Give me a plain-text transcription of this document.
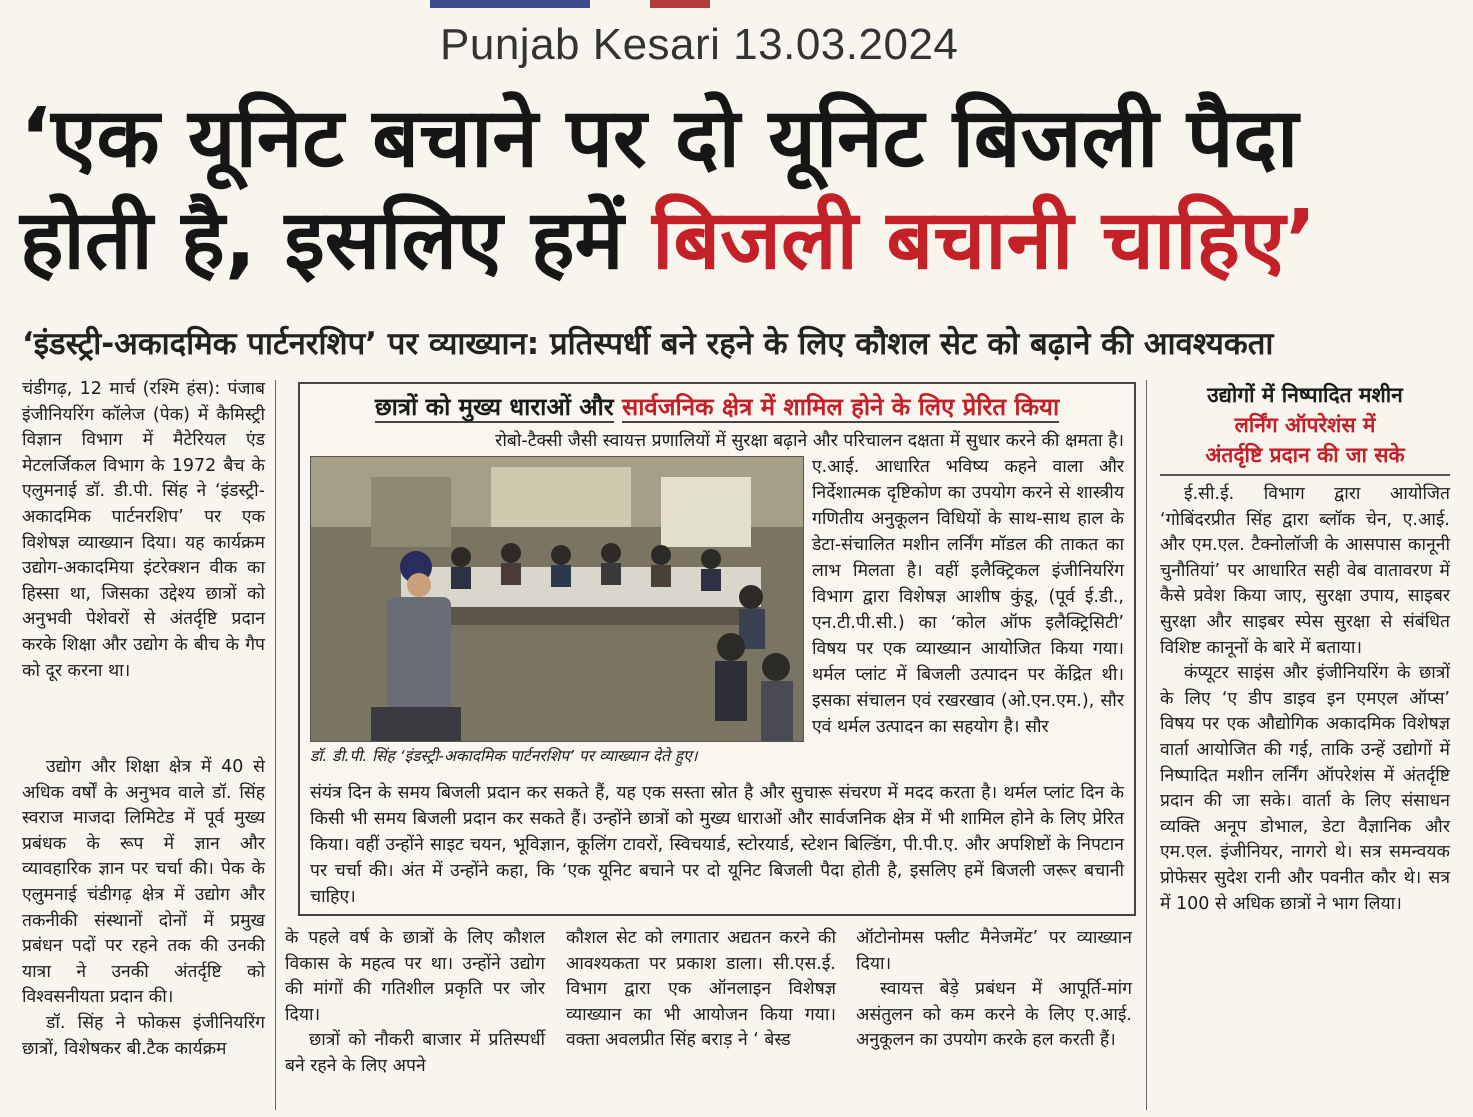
Punjab Kesari 13.03.2024
‘एक यूनिट बचाने पर दो यूनिट बिजली पैदा
होती है, इसलिए हमें बिजली बचानी चाहिए’
‘इंडस्ट्री-अकादमिक पार्टनरशिप’ पर व्याख्यान: प्रतिस्पर्धी बने रहने के लिए कौशल सेट को बढ़ाने की आवश्यकता

चंडीगढ़, 12 मार्च (रश्मि हंस): पंजाब इंजीनियरिंग कॉलेज (पेक) में कैमिस्ट्री विज्ञान विभाग में मैटेरियल एंड मेटलर्जिकल विभाग के 1972 बैच के एलुमनाई डॉ. डी.पी. सिंह ने ‘इंडस्ट्री-अकादमिक पार्टनरशिप’ पर एक विशेषज्ञ व्याख्यान दिया। यह कार्यक्रम उद्योग-अकादमिया इंटरेक्शन वीक का हिस्सा था, जिसका उद्देश्य छात्रों को अनुभवी पेशेवरों से अंतर्दृष्टि प्रदान करके शिक्षा और उद्योग के बीच के गैप को दूर करना था।

उद्योग और शिक्षा क्षेत्र में 40 से अधिक वर्षों के अनुभव वाले डॉ. सिंह स्वराज माजदा लिमिटेड में पूर्व मुख्य प्रबंधक के रूप में ज्ञान और व्यावहारिक ज्ञान पर चर्चा की। पेक के एलुमनाई चंडीगढ़ क्षेत्र में उद्योग और तकनीकी संस्थानों दोनों में प्रमुख प्रबंधन पदों पर रहने तक की उनकी यात्रा ने उनकी अंतर्दृष्टि को विश्वसनीयता प्रदान की।

डॉ. सिंह ने फोकस इंजीनियरिंग छात्रों, विशेषकर बी.टैक कार्यक्रम

छात्रों को मुख्य धाराओं और सार्वजनिक क्षेत्र में शामिल होने के लिए प्रेरित किया
रोबो-टैक्सी जैसी स्वायत्त प्रणालियों में सुरक्षा बढ़ाने और परिचालन दक्षता में सुधार करने की क्षमता है।
डॉ. डी.पी. सिंह ‘इंडस्ट्री-अकादमिक पार्टनरशिप’ पर व्याख्यान देते हुए।
ए.आई. आधारित भविष्य कहने वाला और निर्देशात्मक दृष्टिकोण का उपयोग करने से शास्त्रीय गणितीय अनुकूलन विधियों के साथ-साथ हाल के डेटा-संचालित मशीन लर्निंग मॉडल की ताकत का लाभ मिलता है। वहीं इलैक्ट्रिकल इंजीनियरिंग विभाग द्वारा विशेषज्ञ आशीष कुंडू, (पूर्व ई.डी., एन.टी.पी.सी.) का ‘कोल ऑफ इलैक्ट्रिसिटी’ विषय पर एक व्याख्यान आयोजित किया गया। थर्मल प्लांट में बिजली उत्पादन पर केंद्रित थी। इसका संचालन एवं रखरखाव (ओ.एन.एम.), सौर एवं थर्मल उत्पादन का सहयोग है। सौर
संयंत्र दिन के समय बिजली प्रदान कर सकते हैं, यह एक सस्ता स्रोत है और सुचारू संचरण में मदद करता है। थर्मल प्लांट दिन के किसी भी समय बिजली प्रदान कर सकते हैं। उन्होंने छात्रों को मुख्य धाराओं और सार्वजनिक क्षेत्र में भी शामिल होने के लिए प्रेरित किया। वहीं उन्होंने साइट चयन, भूविज्ञान, कूलिंग टावरों, स्विचयार्ड, स्टोरयार्ड, स्टेशन बिल्डिंग, पी.पी.ए. और अपशिष्टों के निपटान पर चर्चा की। अंत में उन्होंने कहा, कि ‘एक यूनिट बचाने पर दो यूनिट बिजली पैदा होती है, इसलिए हमें बिजली जरूर बचानी चाहिए।

के पहले वर्ष के छात्रों के लिए कौशल विकास के महत्व पर था। उन्होंने उद्योग की मांगों की गतिशील प्रकृति पर जोर दिया।

छात्रों को नौकरी बाजार में प्रतिस्पर्धी बने रहने के लिए अपने

कौशल सेट को लगातार अद्यतन करने की आवश्यकता पर प्रकाश डाला। सी.एस.ई. विभाग द्वारा एक ऑनलाइन विशेषज्ञ व्याख्यान का भी आयोजन किया गया। वक्ता अवलप्रीत सिंह बराड़ ने ‘ बेस्ड

ऑटोनोमस फ्लीट मैनेजमेंट’ पर व्याख्यान दिया।

स्वायत्त बेड़े प्रबंधन में आपूर्ति-मांग असंतुलन को कम करने के लिए ए.आई. अनुकूलन का उपयोग करके हल करती हैं।

उद्योगों में निष्पादित मशीन
लर्निंग ऑपरेशंस में
अंतर्दृष्टि प्रदान की जा सके

ई.सी.ई. विभाग द्वारा आयोजित ‘गोबिंदरप्रीत सिंह द्वारा ब्लॉक चेन, ए.आई. और एम.एल. टैक्नोलॉजी के आसपास कानूनी चुनौतियां’ पर आधारित सही वेब वातावरण में कैसे प्रवेश किया जाए, सुरक्षा उपाय, साइबर सुरक्षा और साइबर स्पेस सुरक्षा से संबंधित विशिष्ट कानूनों के बारे में बताया।

कंप्यूटर साइंस और इंजीनियरिंग के छात्रों के लिए ‘ए डीप डाइव इन एमएल ऑप्स’ विषय पर एक औद्योगिक अकादमिक विशेषज्ञ वार्ता आयोजित की गई, ताकि उन्हें उद्योगों में निष्पादित मशीन लर्निंग ऑपरेशंस में अंतर्दृष्टि प्रदान की जा सके। वार्ता के लिए संसाधन व्यक्ति अनूप डोभाल, डेटा वैज्ञानिक और एम.एल. इंजीनियर, नागरो थे। सत्र समन्वयक प्रोफेसर सुदेश रानी और पवनीत कौर थे। सत्र में 100 से अधिक छात्रों ने भाग लिया।
